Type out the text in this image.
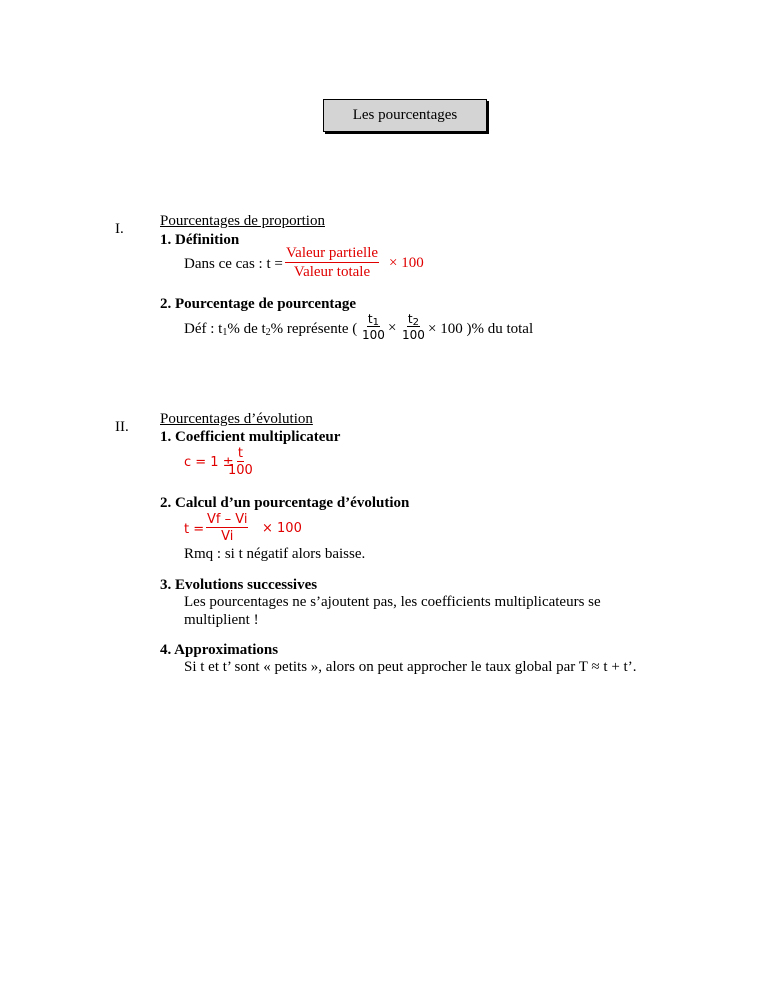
Les pourcentages
I. Pourcentages de proportion
1. Définition
Dans ce cas : t =
Valeur partielle
Valeur totale
× 100
2. Pourcentage de pourcentage
Déf : $t_1\%$ de $t_2\%$ représente ( $\frac{t_1}{100} \times \frac{t_2}{100} \times 100$ )% du total
II. Pourcentages d’évolution
1. Coefficient multiplicateur
c = 1 ±
$\frac{t}{100}$
2. Calcul d’un pourcentage d’évolution
$t = \frac{Vf - Vi}{Vi} \times 100$
Rmq : si t négatif alors baisse.
3. Evolutions successives
Les pourcentages ne s’ajoutent pas, les coefficients multiplicateurs se
multiplient !
4. Approximations
Si t et t’ sont « petits », alors on peut approcher le taux global par T ≈ t + t’.
